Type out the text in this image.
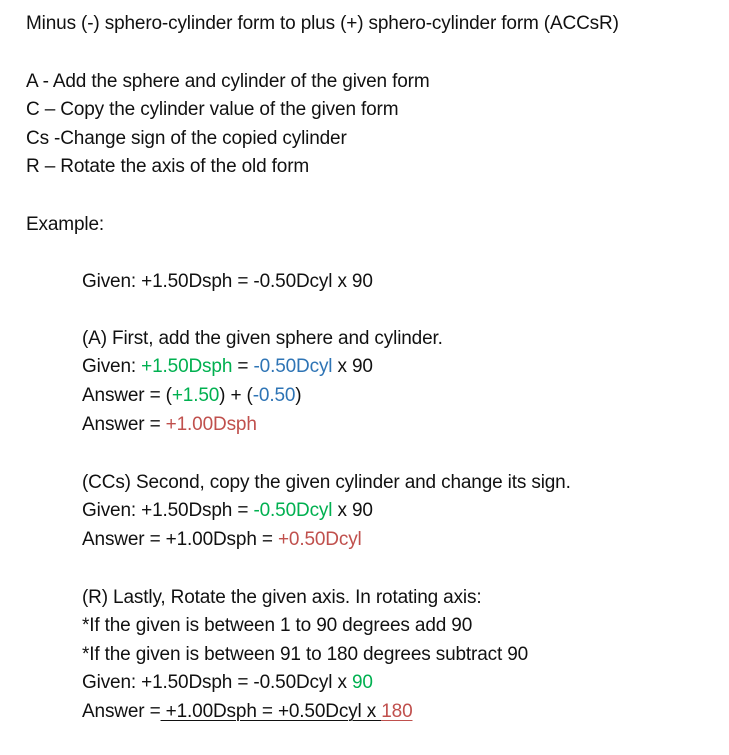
Minus (-) sphero-cylinder form to plus (+) sphero-cylinder form (ACCsR)
A - Add the sphere and cylinder of the given form
C – Copy the cylinder value of the given form
Cs -Change sign of the copied cylinder
R – Rotate the axis of the old form
Example:
Given: +1.50Dsph = -0.50Dcyl x 90
(A) First, add the given sphere and cylinder.
Given: +1.50Dsph = -0.50Dcyl x 90
Answer = (+1.50) + (-0.50)
Answer = +1.00Dsph
(CCs) Second, copy the given cylinder and change its sign.
Given: +1.50Dsph = -0.50Dcyl x 90
Answer = +1.00Dsph = +0.50Dcyl
(R) Lastly, Rotate the given axis. In rotating axis:
*If the given is between 1 to 90 degrees add 90
*If the given is between 91 to 180 degrees subtract 90
Given: +1.50Dsph = -0.50Dcyl x 90
Answer = +1.00Dsph = +0.50Dcyl x 180
